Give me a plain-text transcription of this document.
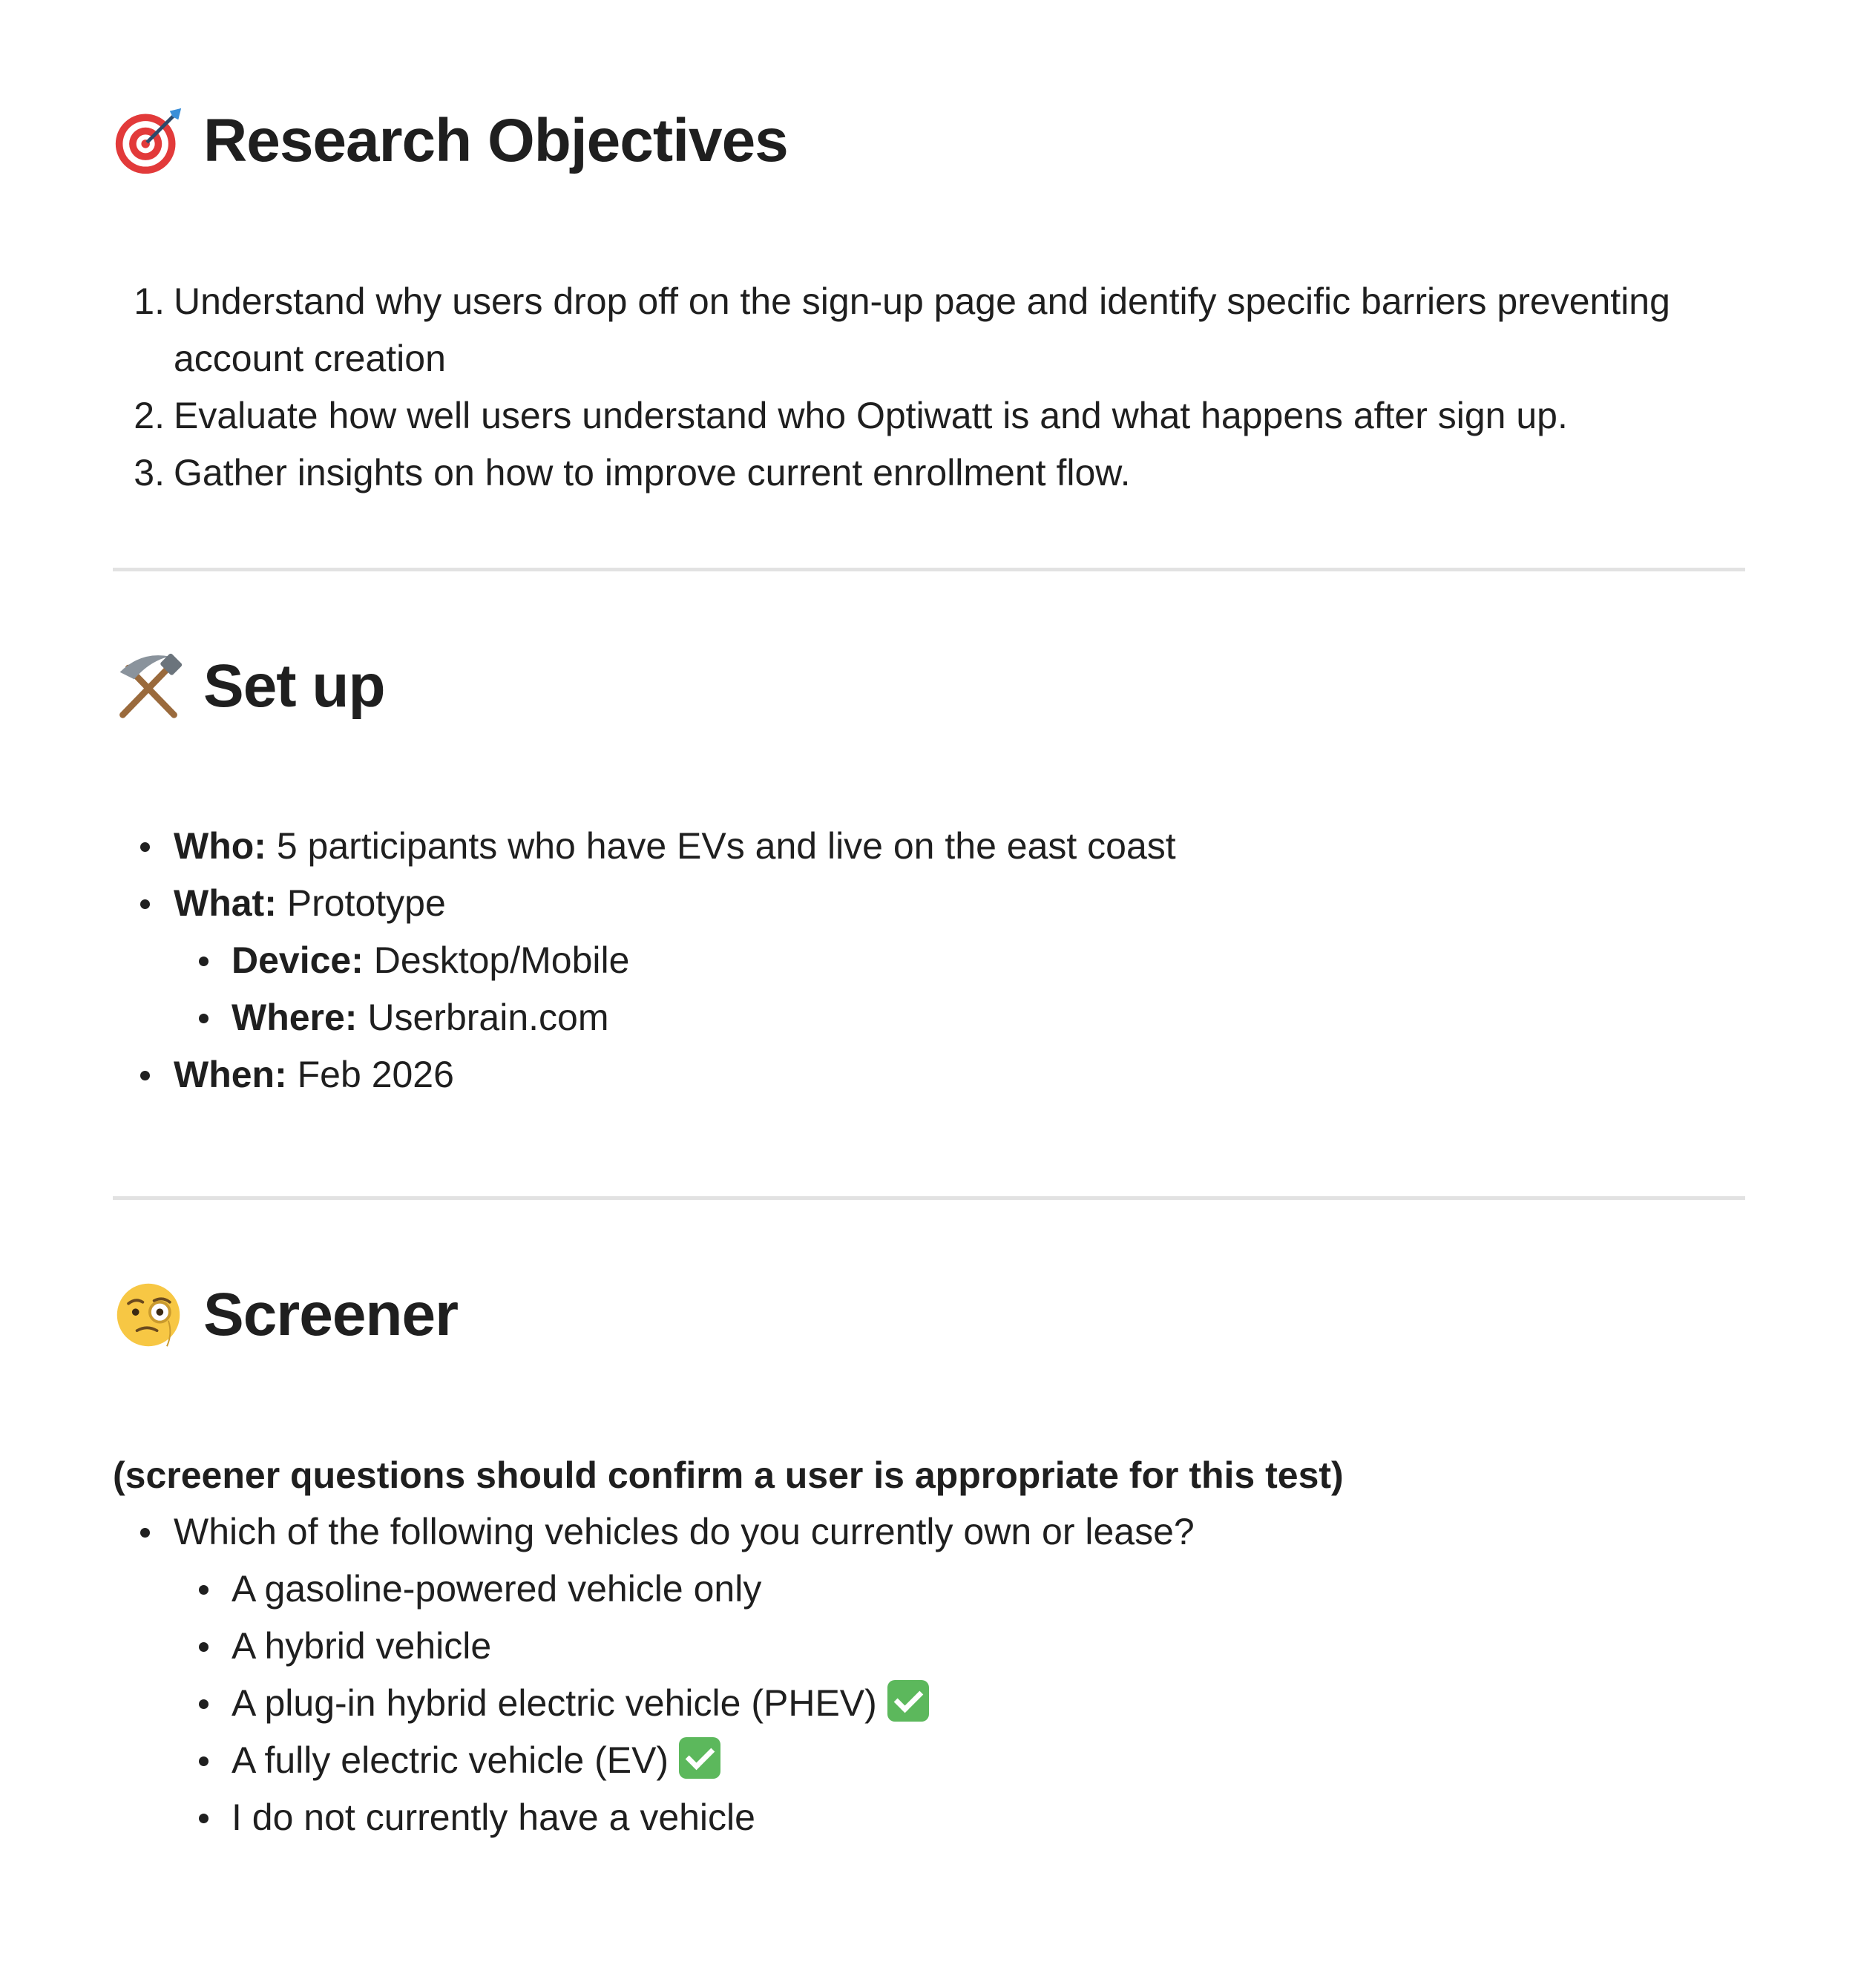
Research Objectives
Understand why users drop off on the sign-up page and identify specific barriers preventing account creation
Evaluate how well users understand who Optiwatt is and what happens after sign up.
Gather insights on how to improve current enrollment flow.
Set up
Who: 5 participants who have EVs and live on the east coast
What: Prototype
Device: Desktop/Mobile
Where: Userbrain.com
When: Feb 2026
Screener
(screener questions should confirm a user is appropriate for this test)
Which of the following vehicles do you currently own or lease?
A gasoline-powered vehicle only
A hybrid vehicle
A plug-in hybrid electric vehicle (PHEV)
A fully electric vehicle (EV)
I do not currently have a vehicle
